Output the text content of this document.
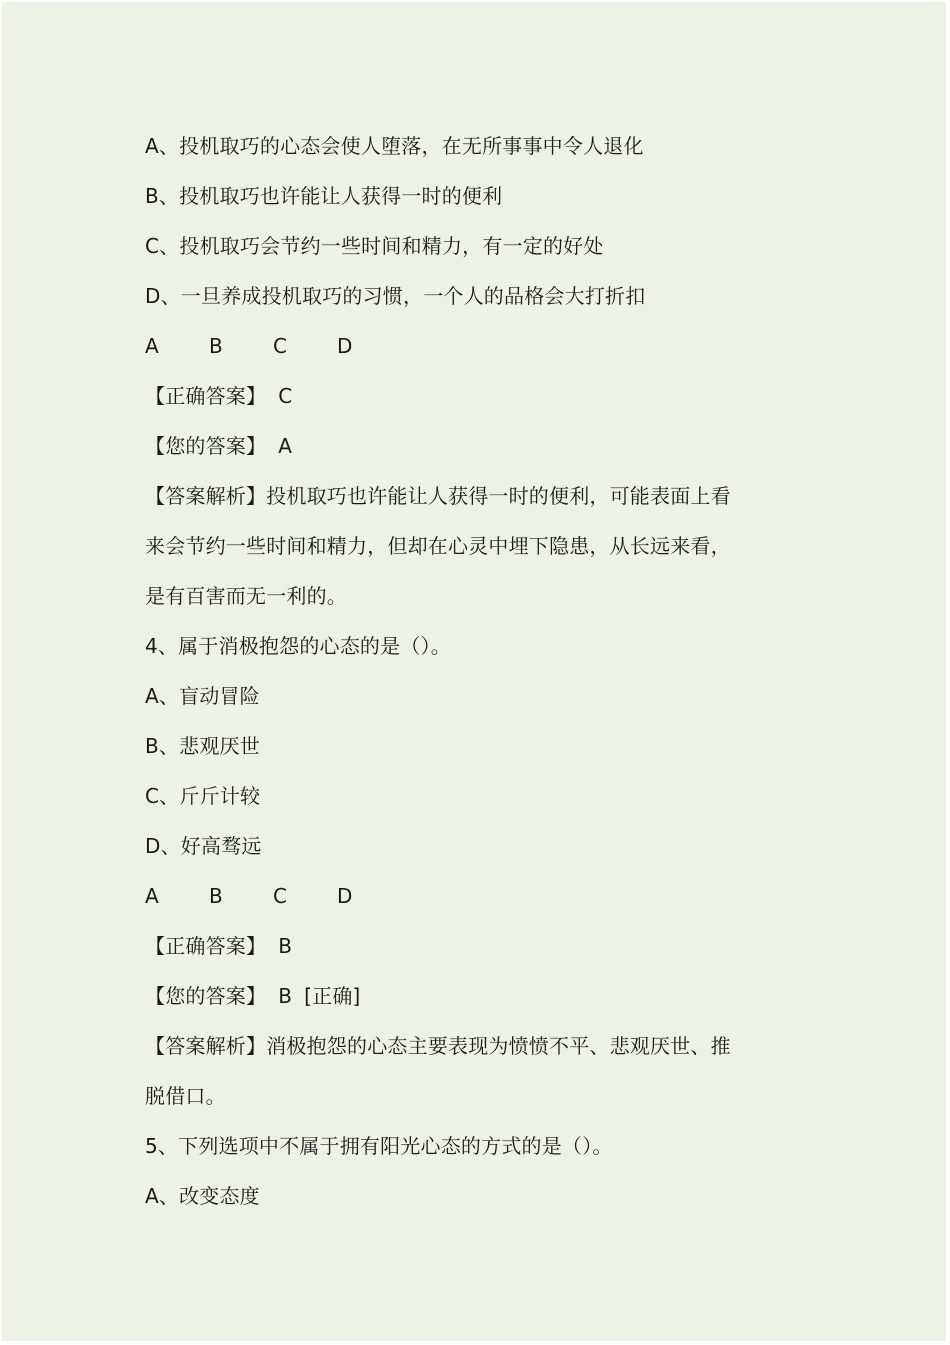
A、投机取巧的心态会使人堕落，在无所事事中令人退化
B、投机取巧也许能让人获得一时的便利
C、投机取巧会节约一些时间和精力，有一定的好处
D、一旦养成投机取巧的习惯，一个人的品格会大打折扣
A	B	C D
【正确答案】 C
【您的答案】 A
【答案解析】投机取巧也许能让人获得一时的便利，可能表面上看
来会节约一些时间和精力，但却在心灵中埋下隐患，从长远来看，
是有百害而无一利的。
4、属于消极抱怨的心态的是（）。
A、盲动冒险
B、悲观厌世
C、斤斤计较
D、好高骛远
A	B	C D
【正确答案】 B
【您的答案】 B [正确]
【答案解析】消极抱怨的心态主要表现为愤愤不平、悲观厌世、推
脱借口。
5、下列选项中不属于拥有阳光心态的方式的是（）。
A、改变态度
